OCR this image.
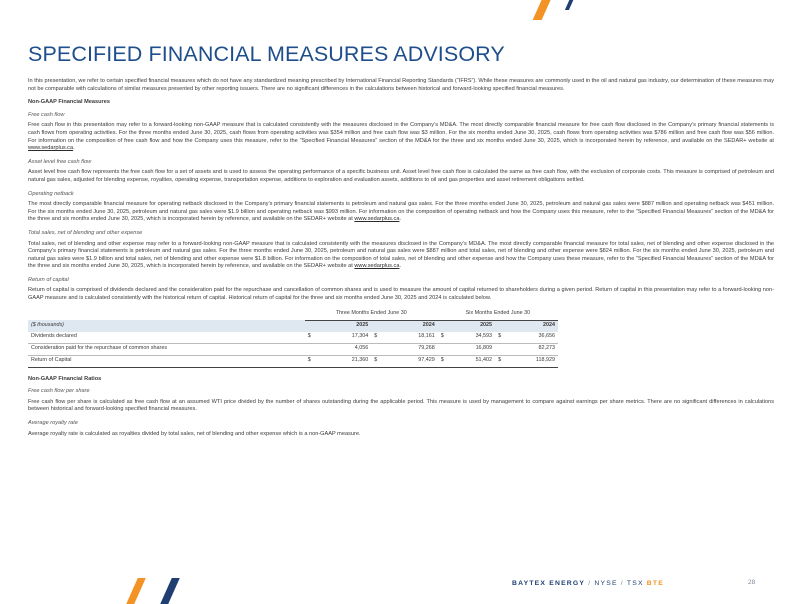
SPECIFIED FINANCIAL MEASURES ADVISORY

In this presentation, we refer to certain specified financial measures which do not have any standardized meaning prescribed by International Financial Reporting Standards (“IFRS”). While these measures are commonly used in the oil and natural gas industry, our determination of these measures may not be comparable with calculations of similar measures presented by other reporting issuers. There are no significant differences in the calculations between historical and forward-looking specified financial measures.

Non-GAAP Financial Measures
Free cash flow

Free cash flow in this presentation may refer to a forward-looking non-GAAP measure that is calculated consistently with the measures disclosed in the Company’s MD&A. The most directly comparable financial measure for free cash flow disclosed in the Company’s primary financial statements is cash flows from operating activities. For the three months ended June 30, 2025, cash flows from operating activities was $354 million and free cash flow was $3 million. For the six months ended June 30, 2025, cash flows from operating activities was $786 million and free cash flow was $56 million. For information on the composition of free cash flow and how the Company uses this measure, refer to the “Specified Financial Measures” section of the MD&A for the three and six months ended June 30, 2025, which is incorporated herein by reference, and available on the SEDAR+ website at www.sedarplus.ca.

Asset level free cash flow

Asset level free cash flow represents the free cash flow for a set of assets and is used to assess the operating performance of a specific business unit. Asset level free cash flow is calculated the same as free cash flow, with the exclusion of corporate costs. This measure is comprised of petroleum and natural gas sales, adjusted for blending expense, royalties, operating expense, transportation expense, additions to exploration and evaluation assets, additions to oil and gas properties and asset retirement obligations settled.

Operating netback

The most directly comparable financial measure for operating netback disclosed in the Company’s primary financial statements is petroleum and natural gas sales. For the three months ended June 30, 2025, petroleum and natural gas sales were $887 million and operating netback was $451 million. For the six months ended June 30, 2025, petroleum and natural gas sales were $1.9 billion and operating netback was $993 million. For information on the composition of operating netback and how the Company uses this measure, refer to the “Specified Financial Measures” section of the MD&A for the three and six months ended June 30, 2025, which is incorporated herein by reference, and available on the SEDAR+ website at www.sedarplus.ca.

Total sales, net of blending and other expense

Total sales, net of blending and other expense may refer to a forward-looking non-GAAP measure that is calculated consistently with the measures disclosed in the Company’s MD&A. The most directly comparable financial measure for total sales, net of blending and other expense disclosed in the Company’s primary financial statements is petroleum and natural gas sales. For the three months ended June 30, 2025, petroleum and natural gas sales were $887 million and total sales, net of blending and other expense were $824 million. For the six months ended June 30, 2025, petroleum and natural gas sales were $1.9 billion and total sales, net of blending and other expense were $1.8 billion. For information on the composition of total sales, net of blending and other expense and how the Company uses these measure, refer to the “Specified Financial Measures” section of the MD&A for the three and six months ended June 30, 2025, which is incorporated herein by reference, and available on the SEDAR+ website at www.sedarplus.ca.

Return of capital

Return of capital is comprised of dividends declared and the consideration paid for the repurchase and cancellation of common shares and is used to measure the amount of capital returned to shareholders during a given period. Return of capital in this presentation may refer to a forward-looking non-GAAP measure and is calculated consistently with the historical return of capital. Historical return of capital for the three and six months ended June 30, 2025 and 2024 is calculated below.

	Three Months Ended June 30				Six Months Ended June 30			
($ thousands)	2025		2024		2025		2024	
Dividends declared	$	17,304	$	18,161	$	34,593	$	36,656
Consideration paid for the repurchase of common shares		4,056		79,268		16,809		82,273
Return of Capital	$	21,360	$	97,429	$	51,402	$	118,929
Non-GAAP Financial Ratios
Free cash flow per share

Free cash flow per share is calculated as free cash flow at an assumed WTI price divided by the number of shares outstanding during the applicable period. This measure is used by management to compare against earnings per share metrics. There are no significant differences in calculations between historical and forward-looking specified financial measures.

Average royalty rate

Average royalty rate is calculated as royalties divided by total sales, net of blending and other expense which is a non-GAAP measure.

BAYTEX ENERGY / NYSE / TSX BTE	28
